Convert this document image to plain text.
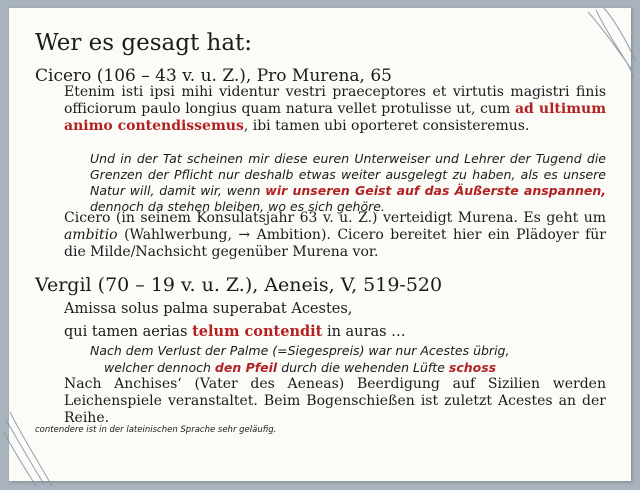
Wer es gesagt hat:
Cicero (106 – 43 v. u. Z.), Pro Murena, 65
Etenim isti ipsi mihi videntur vestri praeceptores et virtutis magistri finis officiorum paulo longius quam natura vellet protulisse ut, cum ad ultimum animo contendissemus, ibi tamen ubi oporteret consisteremus.
Und in der Tat scheinen mir diese euren Unterweiser und Lehrer der Tugend die Grenzen der Pflicht nur deshalb etwas weiter ausgelegt zu haben, als es unsere Natur will, damit wir, wenn wir unseren Geist auf das Äußerste anspannen, dennoch da stehen bleiben, wo es sich gehöre.
Cicero (in seinem Konsulatsjahr 63 v. u. Z.) verteidigt Murena. Es geht um ambitio (Wahlwerbung, → Ambition). Cicero bereitet hier ein Plädoyer für die Milde/Nachsicht gegenüber Murena vor.
Vergil (70 – 19 v. u. Z.), Aeneis, V, 519-520
Amissa solus palma superabat Acestes,
qui tamen aerias telum contendit in auras …
Nach dem Verlust der Palme (=Siegespreis) war nur Acestes übrig,
welcher dennoch den Pfeil durch die wehenden Lüfte schoss
Nach Anchises‘ (Vater des Aeneas) Beerdigung auf Sizilien werden Leichenspiele veranstaltet. Beim Bogenschießen ist zuletzt Acestes an der Reihe.
contendere ist in der lateinischen Sprache sehr geläufig.
